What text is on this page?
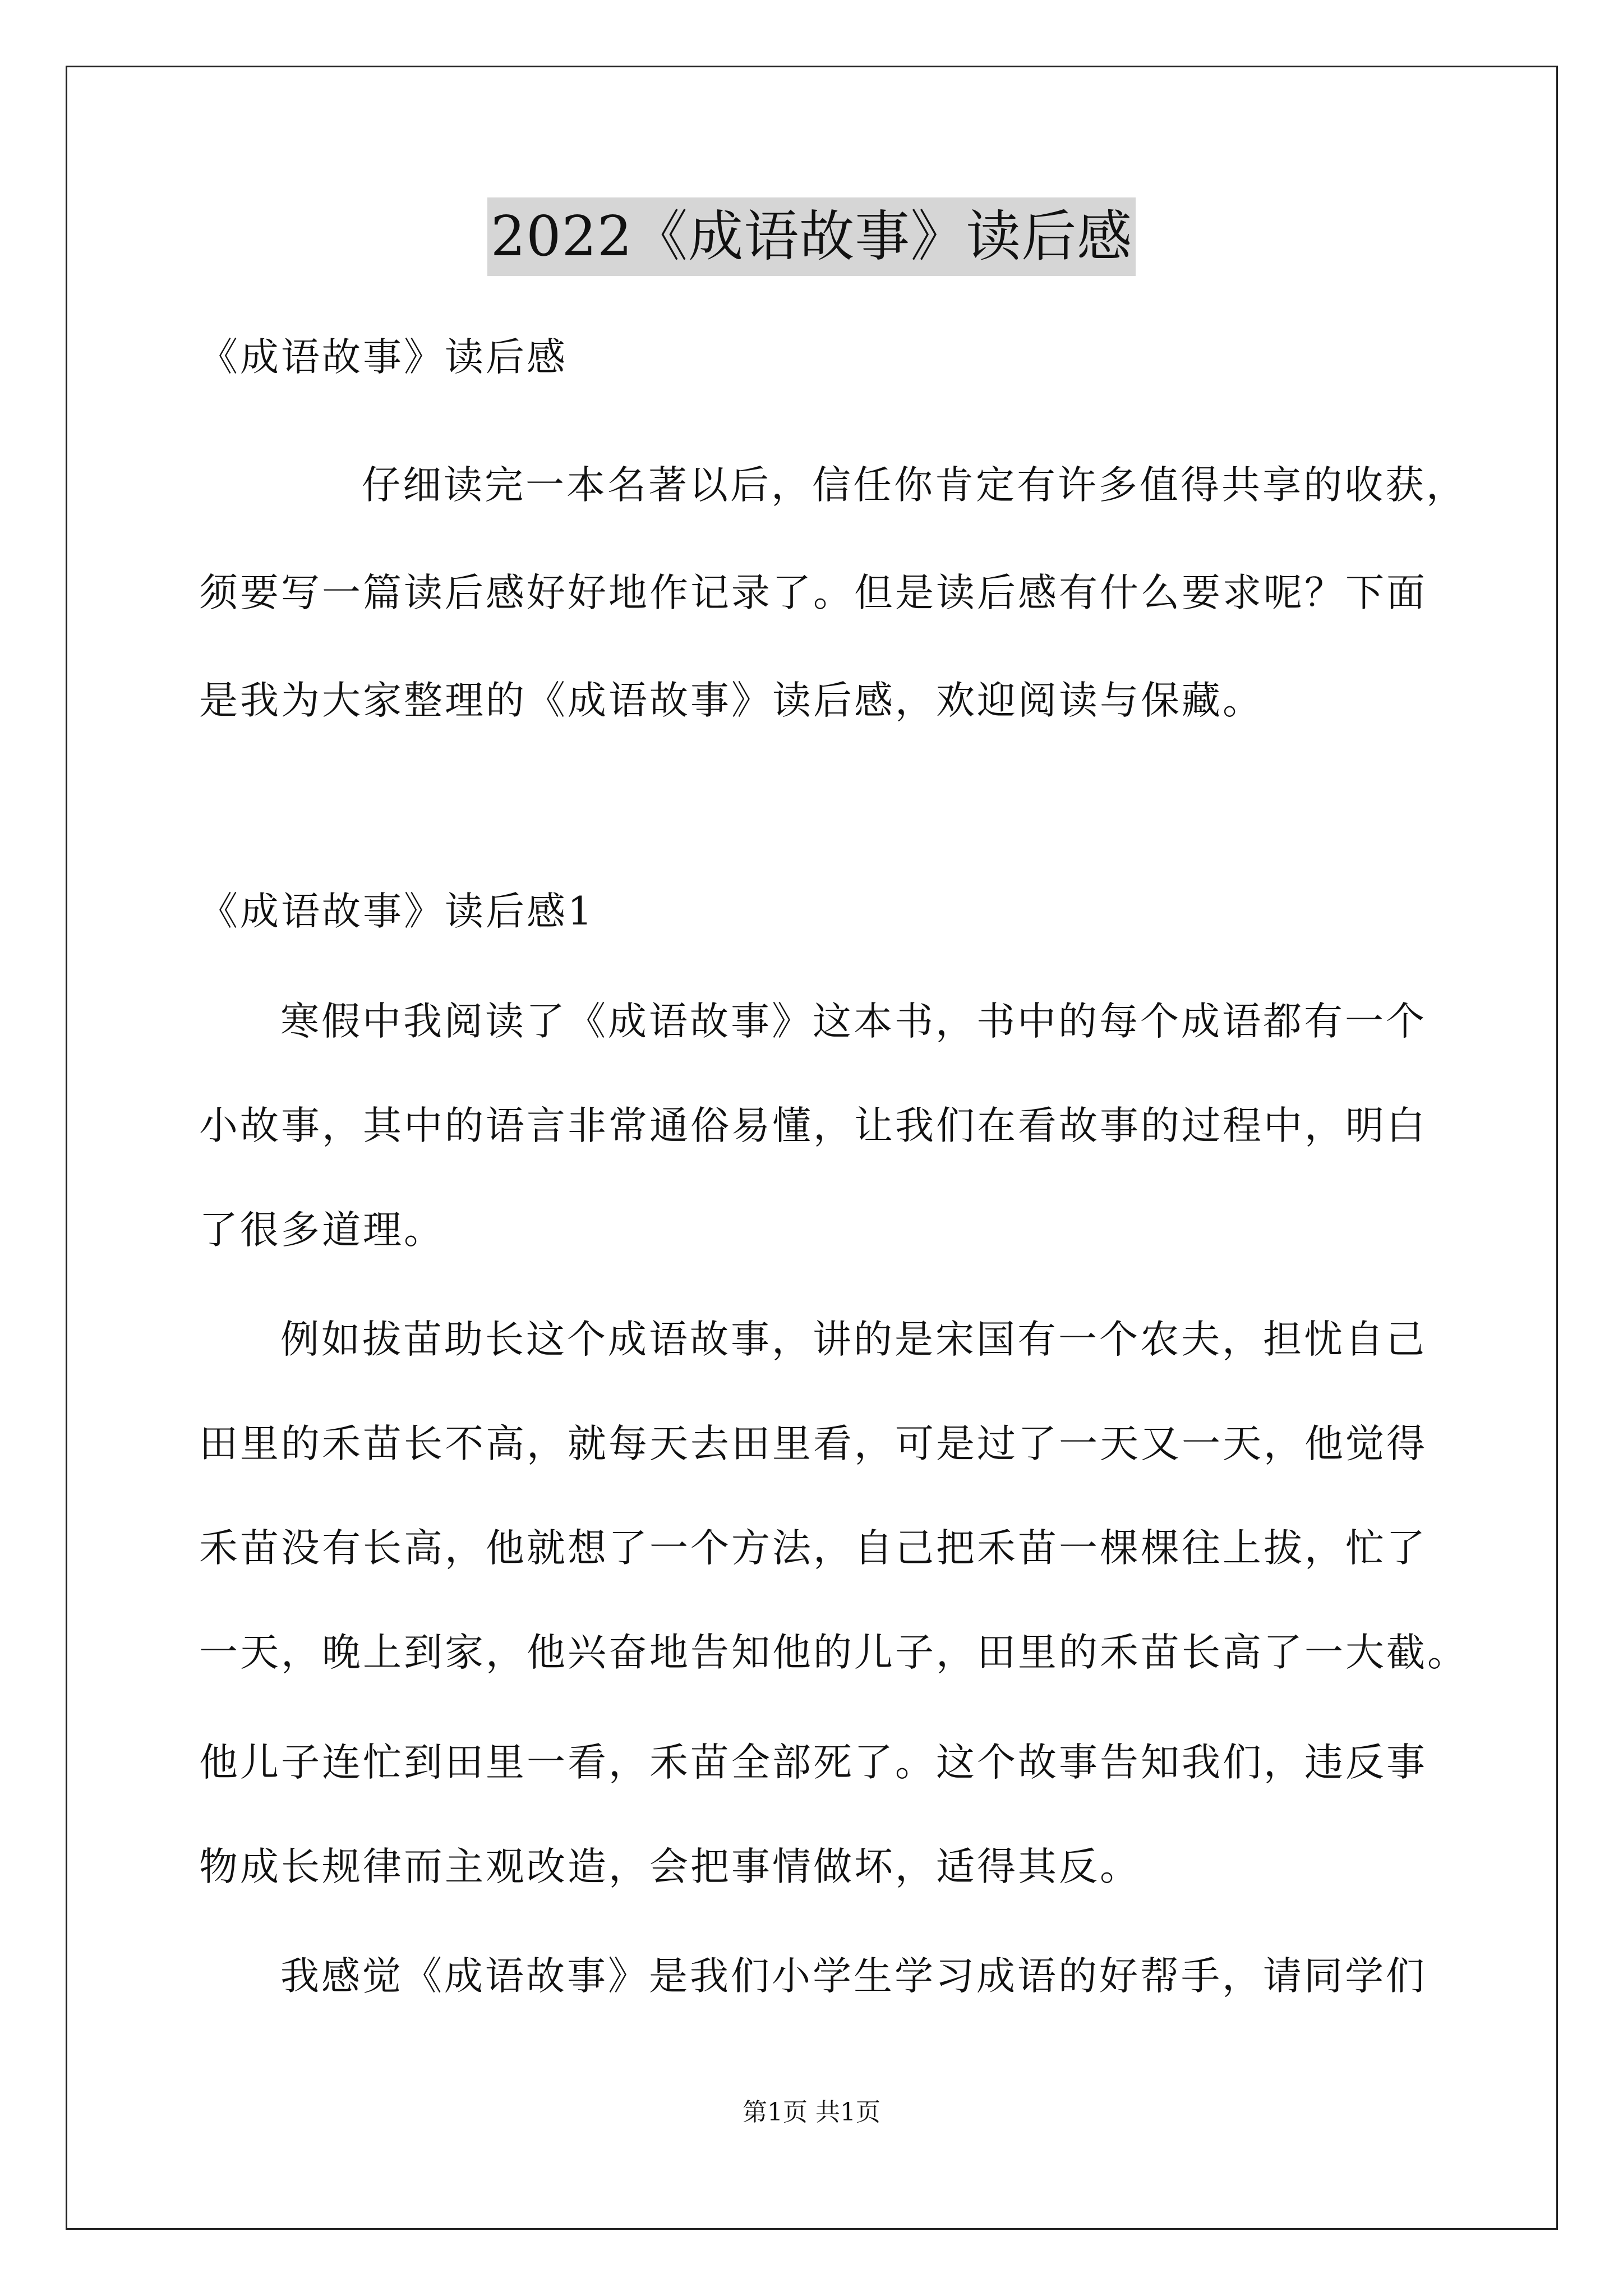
2022《成语故事》读后感
《成语故事》读后感
仔细读完一本名著以后，信任你肯定有许多值得共享的收获，
须要写一篇读后感好好地作记录了。但是读后感有什么要求呢？下面
是我为大家整理的《成语故事》读后感，欢迎阅读与保藏。
《成语故事》读后感1
寒假中我阅读了《成语故事》这本书，书中的每个成语都有一个
小故事，其中的语言非常通俗易懂，让我们在看故事的过程中，明白
了很多道理。
例如拔苗助长这个成语故事，讲的是宋国有一个农夫，担忧自己
田里的禾苗长不高，就每天去田里看，可是过了一天又一天，他觉得
禾苗没有长高，他就想了一个方法，自己把禾苗一棵棵往上拔，忙了
一天，晚上到家，他兴奋地告知他的儿子，田里的禾苗长高了一大截。
他儿子连忙到田里一看，禾苗全部死了。这个故事告知我们，违反事
物成长规律而主观改造，会把事情做坏，适得其反。
我感觉《成语故事》是我们小学生学习成语的好帮手，请同学们
第1页 共1页
